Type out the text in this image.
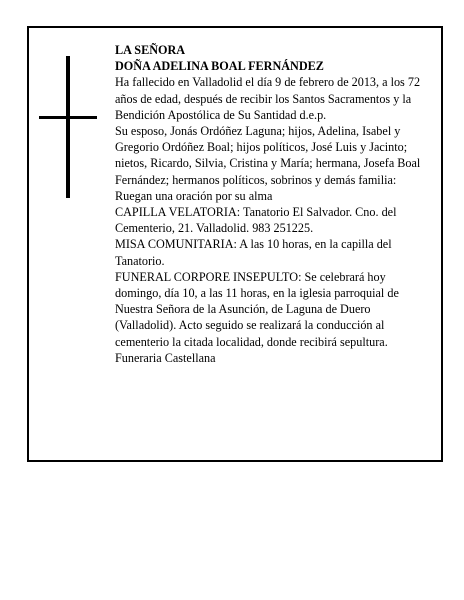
LA SEÑORA

DOÑA ADELINA BOAL FERNÁNDEZ

Ha fallecido en Valladolid el día 9 de febrero de 2013, a los 72 años de edad, después de recibir los Santos Sacramentos y la Bendición Apostólica de Su Santidad d.e.p.

Su esposo, Jonás Ordóñez Laguna; hijos, Adelina, Isabel y Gregorio Ordóñez Boal; hijos políticos, José Luis y Jacinto; nietos, Ricardo, Silvia, Cristina y María; hermana, Josefa Boal Fernández; hermanos políticos, sobrinos y demás familia:

Ruegan una oración por su alma

CAPILLA VELATORIA: Tanatorio El Salvador. Cno. del Cementerio, 21. Valladolid. 983 251225.

MISA COMUNITARIA: A las 10 horas, en la capilla del Tanatorio.

FUNERAL CORPORE INSEPULTO: Se celebrará hoy domingo, día 10, a las 11 horas, en la iglesia parroquial de Nuestra Señora de la Asunción, de Laguna de Duero (Valladolid). Acto seguido se realizará la conducción al cementerio la citada localidad, donde recibirá sepultura.

Funeraria Castellana
